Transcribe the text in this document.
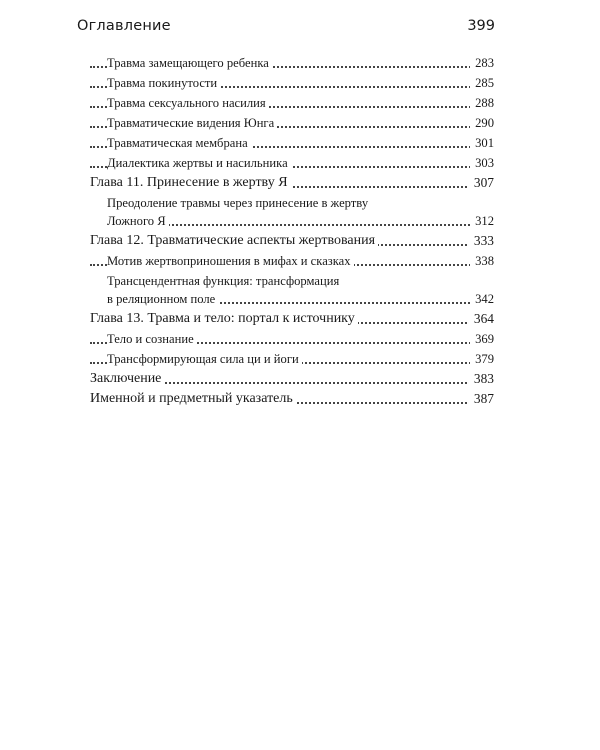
Оглавление	399
Травма замещающего ребенка	283
Травма покинутости	285
Травма сексуального насилия	288
Травматические видения Юнга	290
Травматическая мембрана	301
Диалектика жертвы и насильника	303
Глава 11. Принесение в жертву Я	307
Преодоление травмы через принесение в жертву
Ложного Я	312
Глава 12. Травматические аспекты жертвования	333
Мотив жертвоприношения в мифах и сказках	338
Трансцендентная функция: трансформация
в реляционном поле	342
Глава 13. Травма и тело: портал к источнику	364
Тело и сознание	369
Трансформирующая сила ци и йоги	379
Заключение	383
Именной и предметный указатель	387
